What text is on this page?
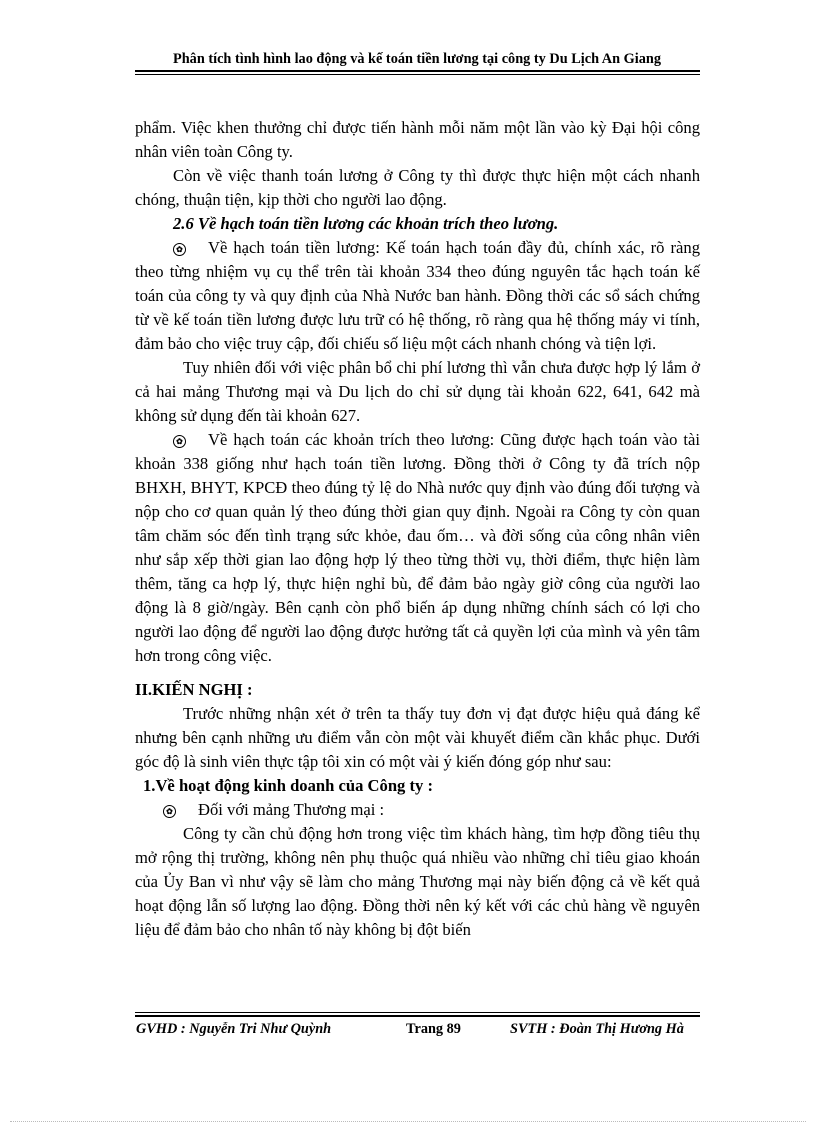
Phân tích tình hình lao động và kế toán tiền lương tại công ty Du Lịch An Giang

phẩm. Việc khen thưởng chỉ được tiến hành mỗi năm một lần vào kỳ Đại hội công nhân viên toàn Công ty.

Còn về việc thanh toán lương ở Công ty thì được thực hiện một cách nhanh chóng, thuận tiện, kịp thời cho người lao động.

2.6 Về hạch toán tiền lương các khoản trích theo lương.

✿ Về hạch toán tiền lương: Kế toán hạch toán đầy đủ, chính xác, rõ ràng theo từng nhiệm vụ cụ thể trên tài khoản 334 theo đúng nguyên tắc hạch toán kế toán của công ty và quy định của Nhà Nước ban hành. Đồng thời các sổ sách chứng từ về kế toán tiền lương được lưu trữ có hệ thống, rõ ràng qua hệ thống máy vi tính, đảm bảo cho việc truy cập, đối chiếu số liệu một cách nhanh chóng và tiện lợi.

Tuy nhiên đối với việc phân bổ chi phí lương thì vẫn chưa được hợp lý lắm ở cả hai mảng Thương mại và Du lịch do chỉ sử dụng tài khoản 622, 641, 642 mà không sử dụng đến tài khoản 627.

✿ Về hạch toán các khoản trích theo lương: Cũng được hạch toán vào tài khoản 338 giống như hạch toán tiền lương. Đồng thời ở Công ty đã trích nộp BHXH, BHYT, KPCĐ theo đúng tỷ lệ do Nhà nước quy định vào đúng đối tượng và nộp cho cơ quan quản lý theo đúng thời gian quy định. Ngoài ra Công ty còn quan tâm chăm sóc đến tình trạng sức khỏe, đau ốm… và đời sống của công nhân viên như sắp xếp thời gian lao động hợp lý theo từng thời vụ, thời điểm, thực hiện làm thêm, tăng ca hợp lý, thực hiện nghỉ bù, để đảm bảo ngày giờ công của người lao động là 8 giờ/ngày. Bên cạnh còn phổ biến áp dụng những chính sách có lợi cho người lao động để người lao động được hưởng tất cả quyền lợi của mình và yên tâm hơn trong công việc.

II.KIẾN NGHỊ :

Trước những nhận xét ở trên ta thấy tuy đơn vị đạt được hiệu quả đáng kể nhưng bên cạnh những ưu điểm vẫn còn một vài khuyết điểm cần khắc phục. Dưới góc độ là sinh viên thực tập tôi xin có một vài ý kiến đóng góp như sau:

1.Về hoạt động kinh doanh của Công ty :

✿ Đối với mảng Thương mại :

Công ty cần chủ động hơn trong việc tìm khách hàng, tìm hợp đồng tiêu thụ mở rộng thị trường, không nên phụ thuộc quá nhiều vào những chỉ tiêu giao khoán của Ủy Ban vì như vậy sẽ làm cho mảng Thương mại này biến động cả về kết quả hoạt động lẫn số lượng lao động. Đồng thời nên ký kết với các chủ hàng về nguyên liệu để đảm bảo cho nhân tố này không bị đột biến

GVHD : Nguyễn Tri Như Quỳnh	Trang 89	SVTH : Đoàn Thị Hương Hà
